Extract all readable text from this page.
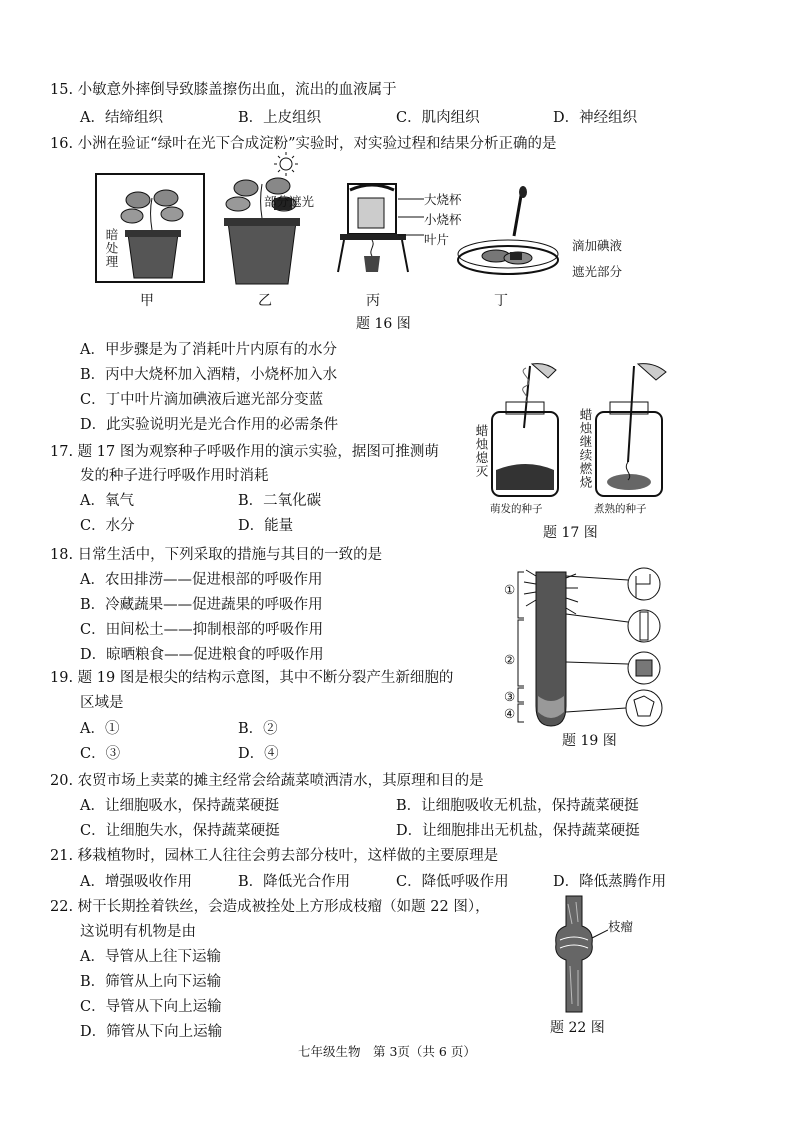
15. 小敏意外摔倒导致膝盖擦伤出血，流出的血液属于
A．结缔组织	B．上皮组织	C．肌肉组织	D．神经组织
16. 小洲在验证“绿叶在光下合成淀粉”实验时，对实验过程和结果分析正确的是
暗处理
部分遮光	大烧杯
小烧杯
叶片	滴加碘液
遮光部分
甲	乙	丙	丁
题 16 图
A．甲步骤是为了消耗叶片内原有的水分
B．丙中大烧杯加入酒精，小烧杯加入水
C．丁中叶片滴加碘液后遮光部分变蓝
D．此实验说明光是光合作用的必需条件
17. 题 17 图为观察种子呼吸作用的演示实验，据图可推测萌
发的种子进行呼吸作用时消耗
A．氧气	B．二氧化碳
C．水分	D．能量
蜡烛熄灭	蜡烛继续燃烧
萌发的种子	煮熟的种子
题 17 图
18. 日常生活中，下列采取的措施与其目的一致的是
A．农田排涝——促进根部的呼吸作用
B．冷藏蔬果——促进蔬果的呼吸作用
C．田间松土——抑制根部的呼吸作用
D．晾晒粮食——促进粮食的呼吸作用
19. 题 19 图是根尖的结构示意图，其中不断分裂产生新细胞的
区域是
A．①	B．②
C．③	D．④
①
②
③
④
题 19 图
20. 农贸市场上卖菜的摊主经常会给蔬菜喷洒清水，其原理和目的是
A．让细胞吸水，保持蔬菜硬挺	B．让细胞吸收无机盐，保持蔬菜硬挺
C．让细胞失水，保持蔬菜硬挺	D．让细胞排出无机盐，保持蔬菜硬挺
21. 移栽植物时，园林工人往往会剪去部分枝叶，这样做的主要原理是
A．增强吸收作用	B．降低光合作用	C．降低呼吸作用	D．降低蒸腾作用
22. 树干长期拴着铁丝，会造成被拴处上方形成枝瘤（如题 22 图），
这说明有机物是由
A．导管从上往下运输
B．筛管从上向下运输
C．导管从下向上运输
D．筛管从下向上运输
枝瘤
题 22 图
七年级生物　第 3页（共 6 页）
